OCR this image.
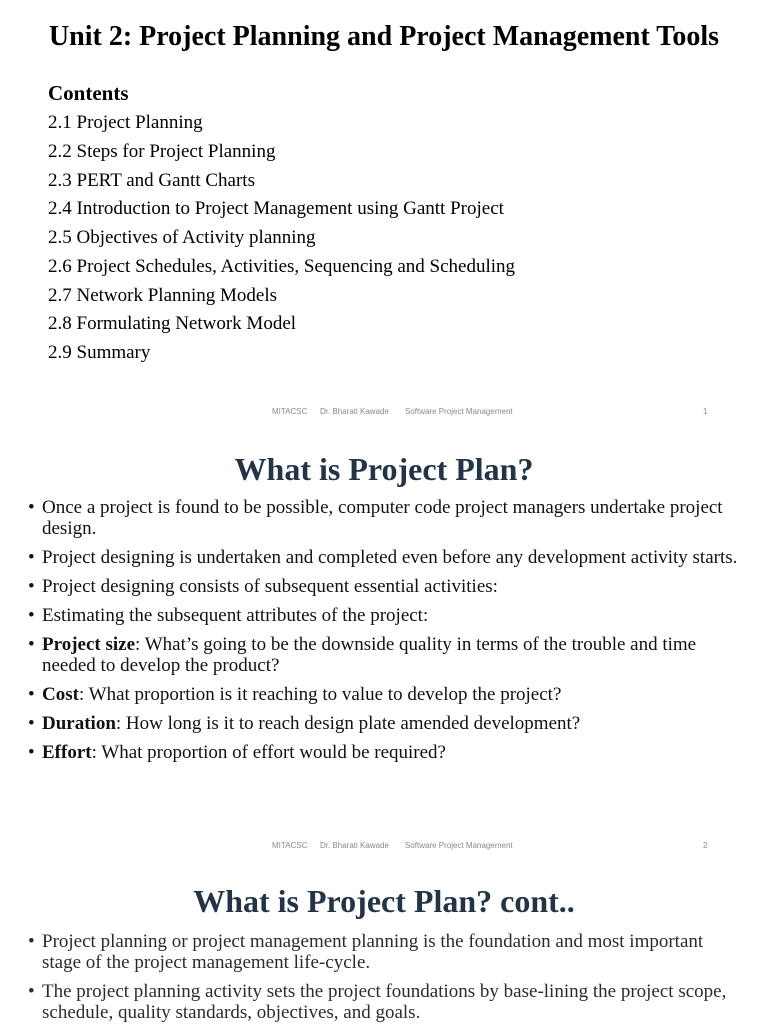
Unit 2: Project Planning and Project Management Tools
Contents
2.1 Project Planning
2.2 Steps for Project Planning
2.3 PERT and Gantt Charts
2.4 Introduction to Project Management using Gantt Project
2.5 Objectives of Activity planning
2.6 Project Schedules, Activities, Sequencing and Scheduling
2.7 Network Planning Models
2.8 Formulating Network Model
2.9 Summary
MITACSC Dr. Bharati Kawade Software Project Management	1
What is Project Plan?
• Once a project is found to be possible, computer code project managers undertake project design.
• Project designing is undertaken and completed even before any development activity starts.
• Project designing consists of subsequent essential activities:
• Estimating the subsequent attributes of the project:
• Project size: What’s going to be the downside quality in terms of the trouble and time needed to develop the product?
• Cost: What proportion is it reaching to value to develop the project?
• Duration: How long is it to reach design plate amended development?
• Effort: What proportion of effort would be required?
MITACSC Dr. Bharati Kawade Software Project Management	2
What is Project Plan? cont..
• Project planning or project management planning is the foundation and most important stage of the project management life-cycle.
• The project planning activity sets the project foundations by base-lining the project scope, schedule, quality standards, objectives, and goals.
